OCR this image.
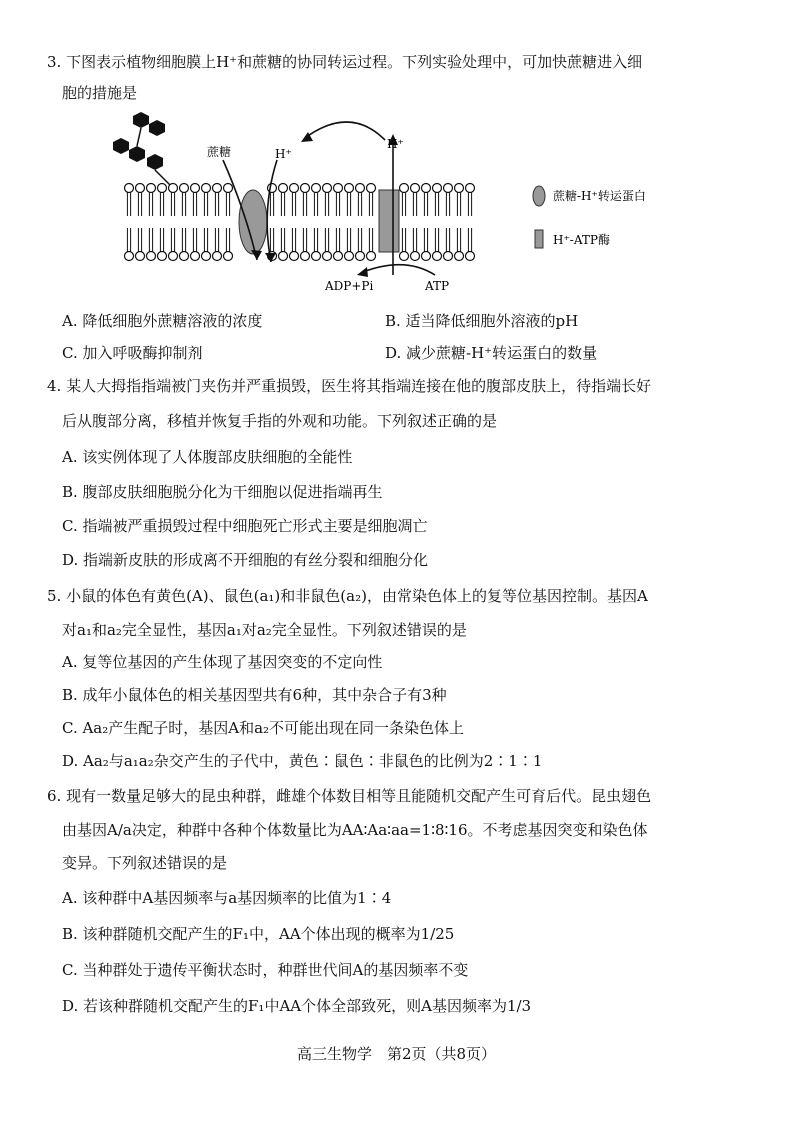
3. 下图表示植物细胞膜上H⁺和蔗糖的协同转运过程。下列实验处理中，可加快蔗糖进入细
胞的措施是
蔗糖	H⁺
H⁺
ADP+Pi	ATP
蔗糖-H⁺转运蛋白
H⁺-ATP酶
A. 降低细胞外蔗糖溶液的浓度	B. 适当降低细胞外溶液的pH
C. 加入呼吸酶抑制剂	D. 减少蔗糖-H⁺转运蛋白的数量
4. 某人大拇指指端被门夹伤并严重损毁，医生将其指端连接在他的腹部皮肤上，待指端长好
后从腹部分离，移植并恢复手指的外观和功能。下列叙述正确的是
A. 该实例体现了人体腹部皮肤细胞的全能性
B. 腹部皮肤细胞脱分化为干细胞以促进指端再生
C. 指端被严重损毁过程中细胞死亡形式主要是细胞凋亡
D. 指端新皮肤的形成离不开细胞的有丝分裂和细胞分化
5. 小鼠的体色有黄色(A)、鼠色(a₁)和非鼠色(a₂)，由常染色体上的复等位基因控制。基因A
对a₁和a₂完全显性，基因a₁对a₂完全显性。下列叙述错误的是
A. 复等位基因的产生体现了基因突变的不定向性
B. 成年小鼠体色的相关基因型共有6种，其中杂合子有3种
C. Aa₂产生配子时，基因A和a₂不可能出现在同一条染色体上
D. Aa₂与a₁a₂杂交产生的子代中，黄色∶鼠色∶非鼠色的比例为2∶1∶1
6. 现有一数量足够大的昆虫种群，雌雄个体数目相等且能随机交配产生可育后代。昆虫翅色
由基因A/a决定，种群中各种个体数量比为AA∶Aa∶aa=1∶8∶16。不考虑基因突变和染色体
变异。下列叙述错误的是
A. 该种群中A基因频率与a基因频率的比值为1∶4
B. 该种群随机交配产生的F₁中，AA个体出现的概率为1/25
C. 当种群处于遗传平衡状态时，种群世代间A的基因频率不变
D. 若该种群随机交配产生的F₁中AA个体全部致死，则A基因频率为1/3
高三生物学　第2页（共8页）
